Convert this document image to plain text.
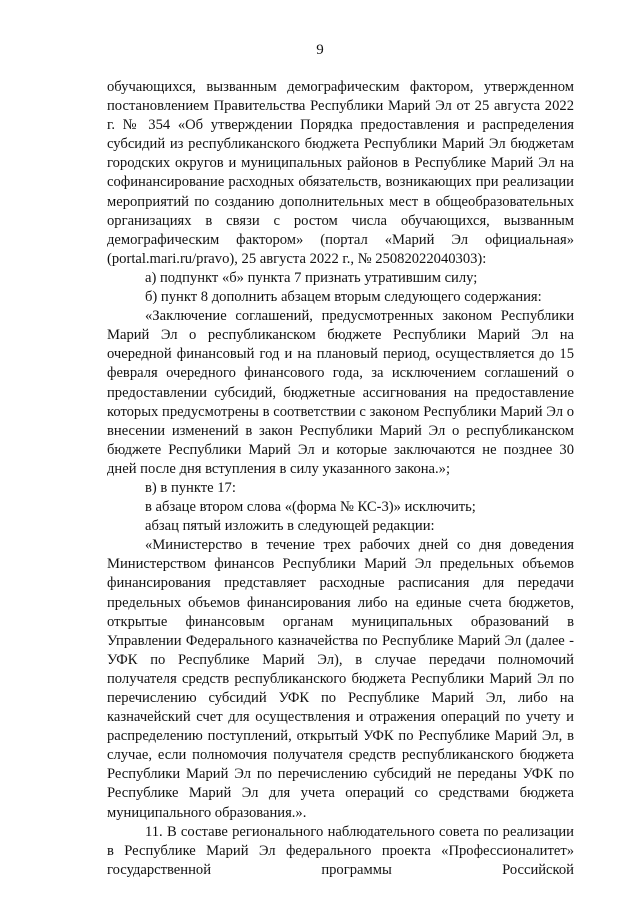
9

обучающихся, вызванным демографическим фактором, утвержденном постановлением Правительства Республики Марий Эл от 25 августа 2022 г. № 354 «Об утверждении Порядка предоставления и распределения субсидий из республиканского бюджета Республики Марий Эл бюджетам городских округов и муниципальных районов в Республике Марий Эл на софинансирование расходных обязательств, возникающих при реализации мероприятий по созданию дополнительных мест в общеобразовательных организациях в связи с ростом числа обучающихся, вызванным демографическим фактором» (портал «Марий Эл официальная» (portal.mari.ru/pravo), 25 августа 2022 г., № 25082022040303):

а) подпункт «б» пункта 7 признать утратившим силу;

б) пункт 8 дополнить абзацем вторым следующего содержания:

«Заключение соглашений, предусмотренных законом Республики Марий Эл о республиканском бюджете Республики Марий Эл на очередной финансовый год и на плановый период, осуществляется до 15 февраля очередного финансового года, за исключением соглашений о предоставлении субсидий, бюджетные ассигнования на предоставление которых предусмотрены в соответствии с законом Республики Марий Эл о внесении изменений в закон Республики Марий Эл о республиканском бюджете Республики Марий Эл и которые заключаются не позднее 30 дней после дня вступления в силу указанного закона.»;

в) в пункте 17:

в абзаце втором слова «(форма № КС-3)» исключить;

абзац пятый изложить в следующей редакции:

«Министерство в течение трех рабочих дней со дня доведения Министерством финансов Республики Марий Эл предельных объемов финансирования представляет расходные расписания для передачи предельных объемов финансирования либо на единые счета бюджетов, открытые финансовым органам муниципальных образований в Управлении Федерального казначейства по Республике Марий Эл (далее - УФК по Республике Марий Эл), в случае передачи полномочий получателя средств республиканского бюджета Республики Марий Эл по перечислению субсидий УФК по Республике Марий Эл, либо на казначейский счет для осуществления и отражения операций по учету и распределению поступлений, открытый УФК по Республике Марий Эл, в случае, если полномочия получателя средств республиканского бюджета Республики Марий Эл по перечислению субсидий не переданы УФК по Республике Марий Эл для учета операций со средствами бюджета муниципального образования.».

11. В составе регионального наблюдательного совета по реализации в Республике Марий Эл федерального проекта «Профессионалитет» государственной программы Российской
